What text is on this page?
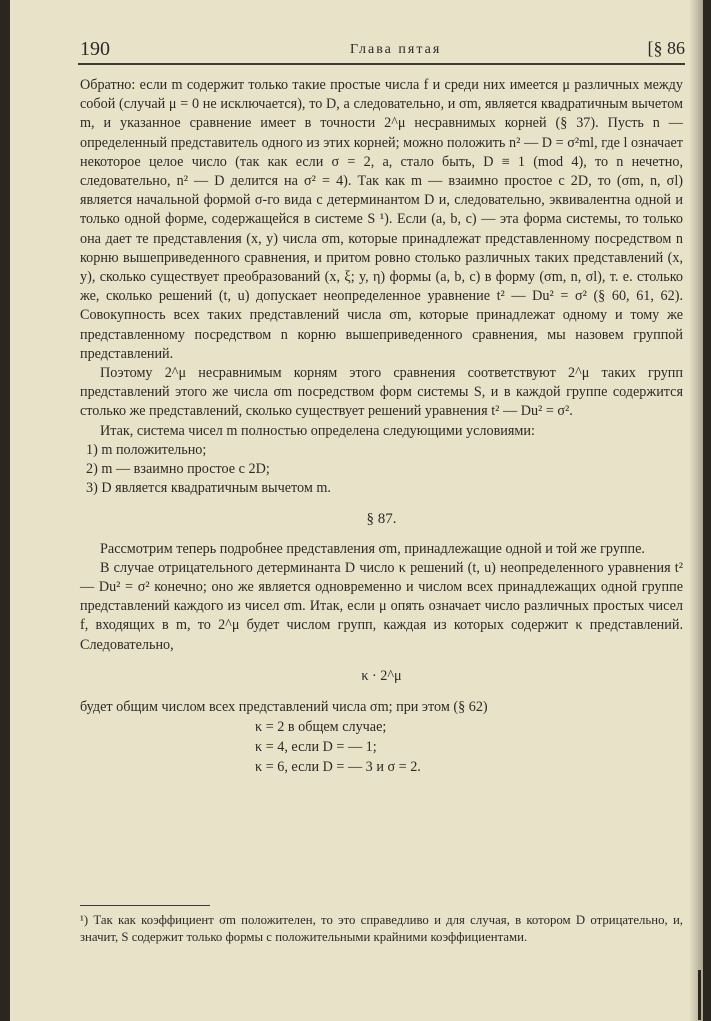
190	Глава пятая	[§ 86

Обратно: если m содержит только такие простые числа f и среди них имеется μ различных между собой (случай μ = 0 не исключается), то D, а следовательно, и σm, является квадратичным вычетом m, и указанное сравнение имеет в точности 2^μ несравнимых корней (§ 37). Пусть n — определенный представитель одного из этих корней; можно положить n² — D = σ²ml, где l означает некоторое целое число (так как если σ = 2, а, стало быть, D ≡ 1 (mod 4), то n нечетно, следовательно, n² — D делится на σ² = 4). Так как m — взаимно простое с 2D, то (σm, n, σl) является начальной формой σ-го вида с детерминантом D и, следовательно, эквивалентна одной и только одной форме, содержащейся в системе S ¹). Если (a, b, c) — эта форма системы, то только она дает те представления (x, y) числа σm, которые принадлежат представленному посредством n корню вышеприведенного сравнения, и притом ровно столько различных таких представлений (x, y), сколько существует преобразований (x, ξ; y, η) формы (a, b, c) в форму (σm, n, σl), т. е. столько же, сколько решений (t, u) допускает неопределенное уравнение t² — Du² = σ² (§ 60, 61, 62). Совокупность всех таких представлений числа σm, которые принадлежат одному и тому же представленному посредством n корню вышеприведенного сравнения, мы назовем группой представлений.

Поэтому 2^μ несравнимым корням этого сравнения соответствуют 2^μ таких групп представлений этого же числа σm посредством форм системы S, и в каждой группе содержится столько же представлений, сколько существует решений уравнения t² — Du² = σ².

Итак, система чисел m полностью определена следующими условиями:

1) m положительно;
2) m — взаимно простое с 2D;
3) D является квадратичным вычетом m.
§ 87.

Рассмотрим теперь подробнее представления σm, принадлежащие одной и той же группе.

В случае отрицательного детерминанта D число κ решений (t, u) неопределенного уравнения t² — Du² = σ² конечно; оно же является одновременно и числом всех принадлежащих одной группе представлений каждого из чисел σm. Итак, если μ опять означает число различных простых чисел f, входящих в m, то 2^μ будет числом групп, каждая из которых содержит κ представлений. Следовательно,

κ · 2^μ

будет общим числом всех представлений числа σm; при этом (§ 62)

κ = 2 в общем случае;
κ = 4, если D = — 1;
κ = 6, если D = — 3 и σ = 2.
¹) Так как коэффициент σm положителен, то это справедливо и для случая, в котором D отрицательно, и, значит, S содержит только формы с положительными крайними коэффициентами.
